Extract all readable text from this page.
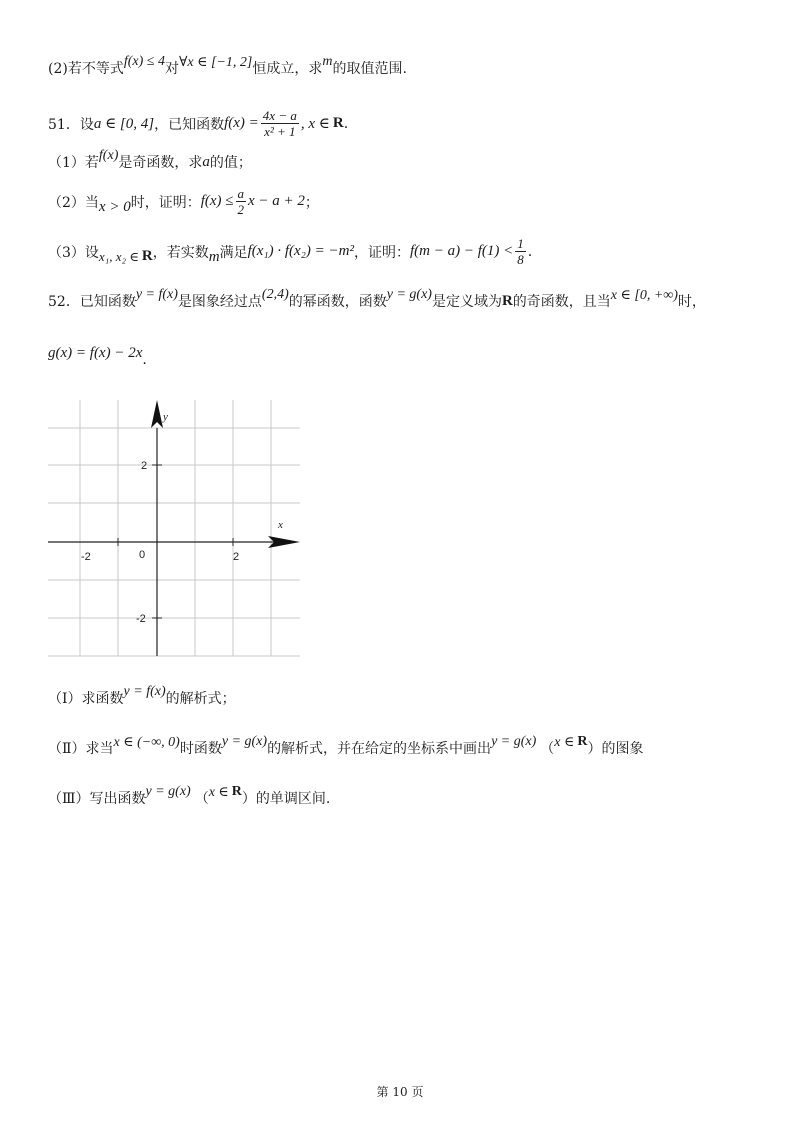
(2)若不等式 f(x) ≤ 4 对 ∀x ∈ [−1, 2] 恒成立，求 m 的取值范围.
51．设 a ∈ [0, 4] ，已知函数 $f(x) = \frac{4x - a}{\text{x² + 1}}$ , x ∈ R .
（1）若 f(x) 是奇函数，求 a 的值；
（2）当 x > 0 时，证明： $f(x) \le \frac{a}{2}$ x − a + 2 ；
（3）设 x₁, x₂ ∈ R ，若实数 m 满足 f(x₁) · f(x₂) = −m² ，证明： $f(m - a) - f(1) < \frac{1}{8}$ .
52．已知函数 y = f(x) 是图象经过点 (2,4) 的幂函数，函数 y = g(x) 是定义域为 R 的奇函数，且当 x ∈ [0, +∞) 时，
g(x) = f(x) − 2x .
-2	0	2
2
-2
x
y
（Ⅰ）求函数 y = f(x) 的解析式；
（Ⅱ）求当 x ∈ (−∞, 0) 时函数 y = g(x) 的解析式，并在给定的坐标系中画出 y = g(x) （ x ∈ R ）的图象
（Ⅲ）写出函数 y = g(x) （ x ∈ R ）的单调区间.
第 10 页
